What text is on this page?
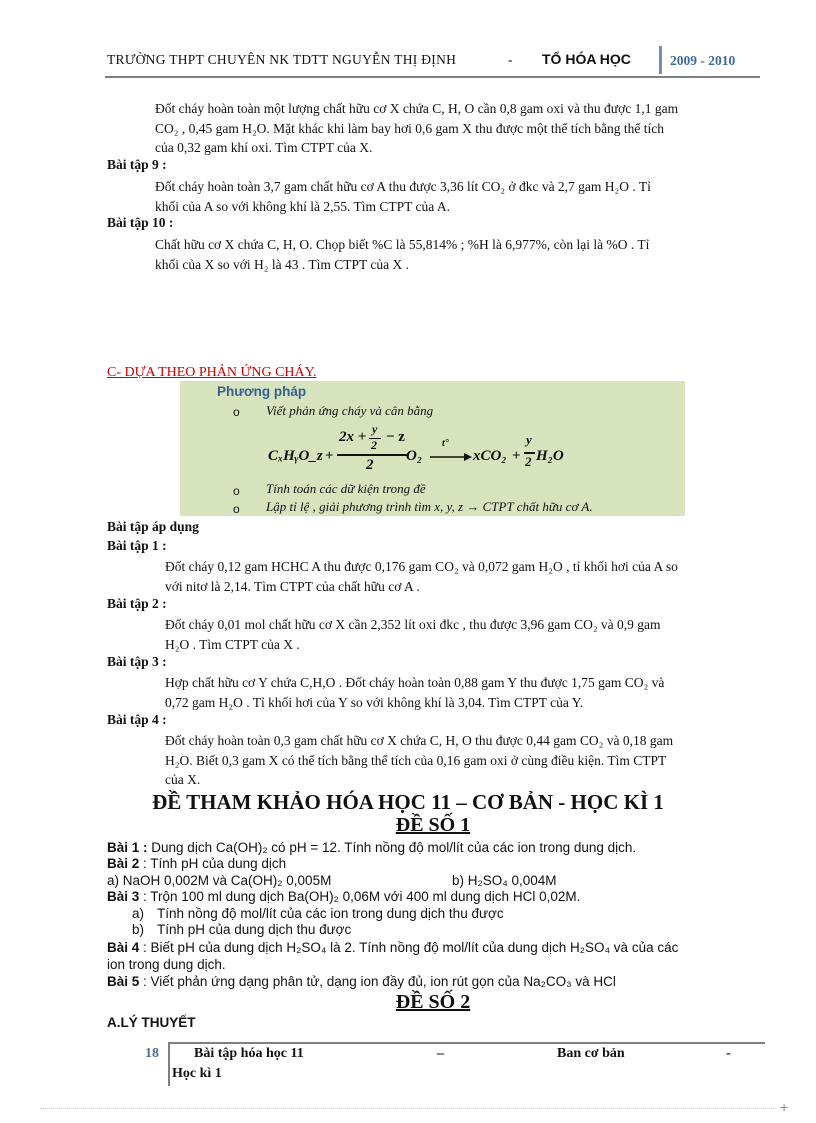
TRƯỜNG THPT CHUYÊN NK TDTT NGUYỄN THỊ ĐỊNH	- TỔ HÓA HỌC	2009 - 2010
Đốt cháy hoàn toàn một lượng chất hữu cơ X chứa C, H, O cần 0,8 gam oxi và thu được 1,1 gam
CO₂ , 0,45 gam H₂O. Mặt khác khi làm bay hơi 0,6 gam X thu được một thể tích bằng thể tích
của 0,32 gam khí oxi. Tìm CTPT của X.
Bài tập 9 :
Đốt cháy hoàn toàn 3,7 gam chất hữu cơ A thu được 3,36 lít CO₂ ở đkc và 2,7 gam H₂O . Tỉ
khối của A so với không khí là 2,55. Tìm CTPT của A.
Bài tập 10 :
Chất hữu cơ X chứa C, H, O. Chọp biết %C là 55,814% ; %H là 6,977%, còn lại là %O . Tỉ
khối của X so với H₂ là 43 . Tìm CTPT của X .
C- DỰA THEO PHẢN ỨNG CHÁY.
Phương pháp
o Viết phản ứng cháy và cân bằng
CₓHᵧO_z +
2x + y
2 − z
2
O₂
t°
→ xCO₂ +
y
2 H₂O
o Tính toán các dữ kiện trong đề
o Lập tỉ lệ , giải phương trình tìm x, y, z → CTPT chất hữu cơ A.
Bài tập áp dụng
Bài tập 1 :
Đốt cháy 0,12 gam HCHC A thu được 0,176 gam CO₂ và 0,072 gam H₂O , tỉ khối hơi của A so
với nitơ là 2,14. Tìm CTPT của chất hữu cơ A .
Bài tập 2 :
Đốt cháy 0,01 mol chất hữu cơ X cần 2,352 lít oxi đkc , thu được 3,96 gam CO₂ và 0,9 gam
H₂O . Tìm CTPT của X .
Bài tập 3 :
Hợp chất hữu cơ Y chứa C,H,O . Đốt cháy hoàn toàn 0,88 gam Y thu được 1,75 gam CO₂ và
0,72 gam H₂O . Tỉ khối hơi của Y so với không khí là 3,04. Tìm CTPT của Y.
Bài tập 4 :
Đốt cháy hoàn toàn 0,3 gam chất hữu cơ X chứa C, H, O thu được 0,44 gam CO₂ và 0,18 gam
H₂O. Biết 0,3 gam X có thể tích bằng thể tích của 0,16 gam oxi ở cùng điều kiện. Tìm CTPT
của X.
ĐỀ THAM KHẢO HÓA HỌC 11 – CƠ BẢN - HỌC KÌ 1
ĐỀ SỐ 1
Bài 1 : Dung dịch Ca(OH)₂ có pH = 12. Tính nồng độ mol/lít của các ion trong dung dịch.
Bài 2 : Tính pH của dung dịch
a) NaOH 0,002M và Ca(OH)₂ 0,005M	b) H₂SO₄ 0,004M
Bài 3 : Trộn 100 ml dung dịch Ba(OH)₂ 0,06M với 400 ml dung dịch HCl 0,02M.
a) Tính nồng độ mol/lít của các ion trong dung dịch thu được
b) Tính pH của dung dịch thu được
Bài 4 : Biết pH của dung dịch H₂SO₄ là 2. Tính nồng độ mol/lít của dung dịch H₂SO₄ và của các
ion trong dung dịch.
Bài 5 : Viết phản ứng dạng phân tử, dạng ion đầy đủ, ion rút gọn của Na₂CO₃ và HCl
ĐỀ SỐ 2
A.LÝ THUYẾT
18	Bài tập hóa học 11	–	Ban cơ bản	-
Học kì 1
+
